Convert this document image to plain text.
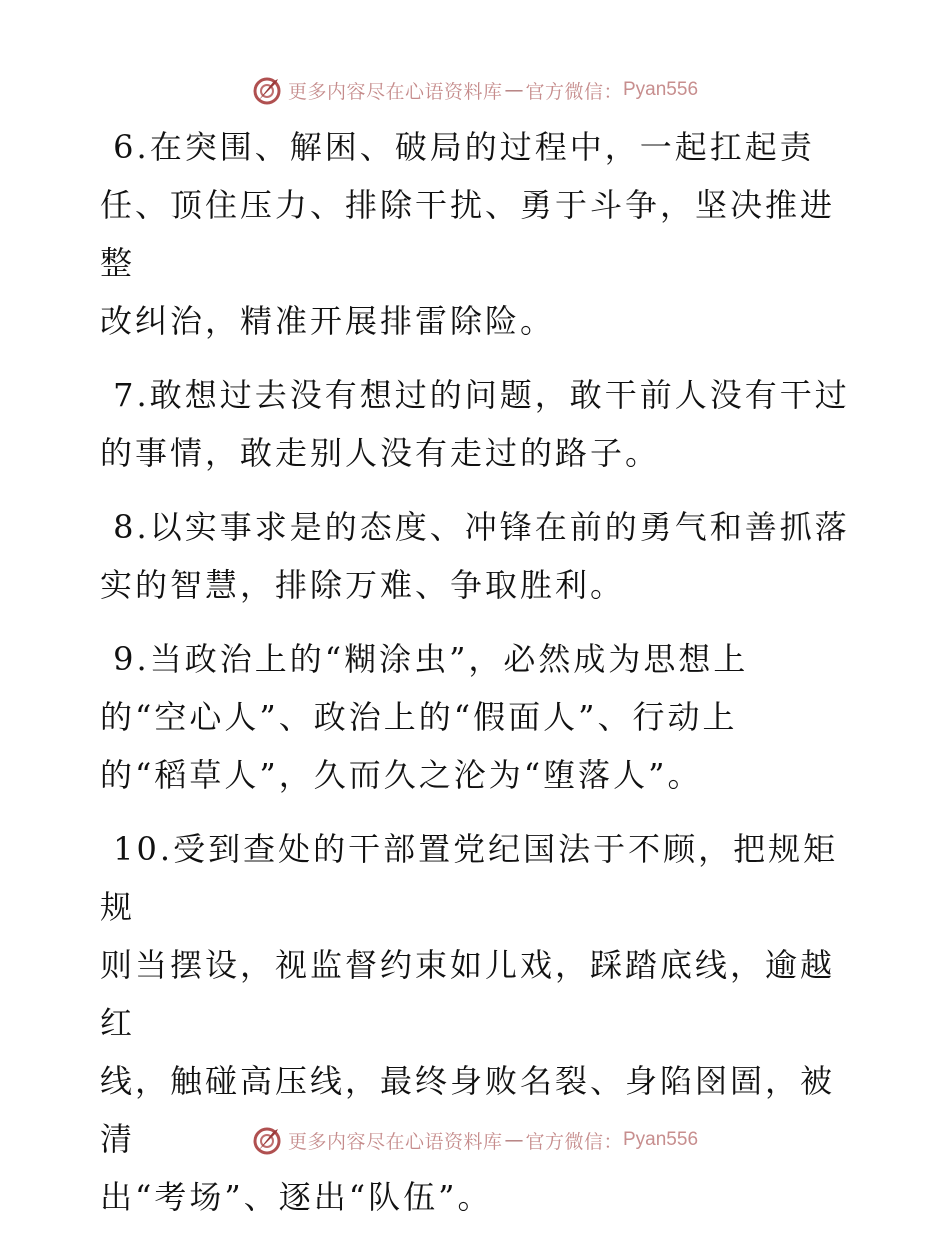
更多内容尽在心语资料库 — 官方微信： Pyan556
6.在突围、解困、破局的过程中，一起扛起责
任、顶住压力、排除干扰、勇于斗争，坚决推进整
改纠治，精准开展排雷除险。
7.敢想过去没有想过的问题，敢干前人没有干过
的事情，敢走别人没有走过的路子。
8.以实事求是的态度、冲锋在前的勇气和善抓落
实的智慧，排除万难、争取胜利。
9.当政治上的“糊涂虫”，必然成为思想上
的“空心人”、政治上的“假面人”、行动上
的“稻草人”，久而久之沦为“堕落人”。
10.受到查处的干部置党纪国法于不顾，把规矩规
则当摆设，视监督约束如儿戏，踩踏底线，逾越红
线，触碰高压线，最终身败名裂、身陷囹圄，被清
出“考场”、逐出“队伍”。
更多内容尽在心语资料库 — 官方微信： Pyan556
